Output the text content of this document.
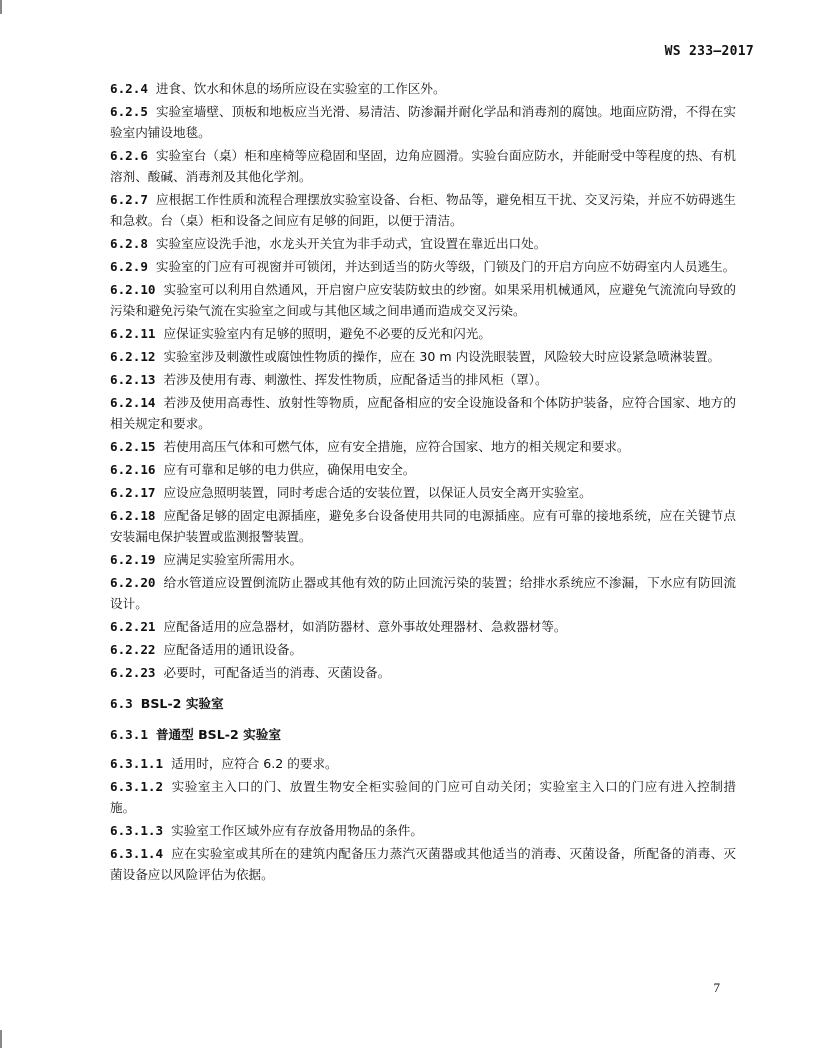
WS 233—2017

6.2.4 进食、饮水和休息的场所应设在实验室的工作区外。

6.2.5 实验室墙壁、顶板和地板应当光滑、易清洁、防渗漏并耐化学品和消毒剂的腐蚀。地面应防滑，不得在实验室内铺设地毯。

6.2.6 实验室台（桌）柜和座椅等应稳固和坚固，边角应圆滑。实验台面应防水，并能耐受中等程度的热、有机溶剂、酸碱、消毒剂及其他化学剂。

6.2.7 应根据工作性质和流程合理摆放实验室设备、台柜、物品等，避免相互干扰、交叉污染，并应不妨碍逃生和急救。台（桌）柜和设备之间应有足够的间距，以便于清洁。

6.2.8 实验室应设洗手池，水龙头开关宜为非手动式，宜设置在靠近出口处。

6.2.9 实验室的门应有可视窗并可锁闭，并达到适当的防火等级，门锁及门的开启方向应不妨碍室内人员逃生。

6.2.10 实验室可以利用自然通风，开启窗户应安装防蚊虫的纱窗。如果采用机械通风，应避免气流流向导致的污染和避免污染气流在实验室之间或与其他区域之间串通而造成交叉污染。

6.2.11 应保证实验室内有足够的照明，避免不必要的反光和闪光。

6.2.12 实验室涉及刺激性或腐蚀性物质的操作，应在 30 m 内设洗眼装置，风险较大时应设紧急喷淋装置。

6.2.13 若涉及使用有毒、刺激性、挥发性物质，应配备适当的排风柜（罩）。

6.2.14 若涉及使用高毒性、放射性等物质，应配备相应的安全设施设备和个体防护装备，应符合国家、地方的相关规定和要求。

6.2.15 若使用高压气体和可燃气体，应有安全措施，应符合国家、地方的相关规定和要求。

6.2.16 应有可靠和足够的电力供应，确保用电安全。

6.2.17 应设应急照明装置，同时考虑合适的安装位置，以保证人员安全离开实验室。

6.2.18 应配备足够的固定电源插座，避免多台设备使用共同的电源插座。应有可靠的接地系统，应在关键节点安装漏电保护装置或监测报警装置。

6.2.19 应满足实验室所需用水。

6.2.20 给水管道应设置倒流防止器或其他有效的防止回流污染的装置；给排水系统应不渗漏，下水应有防回流设计。

6.2.21 应配备适用的应急器材，如消防器材、意外事故处理器材、急救器材等。

6.2.22 应配备适用的通讯设备。

6.2.23 必要时，可配备适当的消毒、灭菌设备。

6.3 BSL-2 实验室
6.3.1 普通型 BSL-2 实验室

6.3.1.1 适用时，应符合 6.2 的要求。

6.3.1.2 实验室主入口的门、放置生物安全柜实验间的门应可自动关闭；实验室主入口的门应有进入控制措施。

6.3.1.3 实验室工作区域外应有存放备用物品的条件。

6.3.1.4 应在实验室或其所在的建筑内配备压力蒸汽灭菌器或其他适当的消毒、灭菌设备，所配备的消毒、灭菌设备应以风险评估为依据。

7
